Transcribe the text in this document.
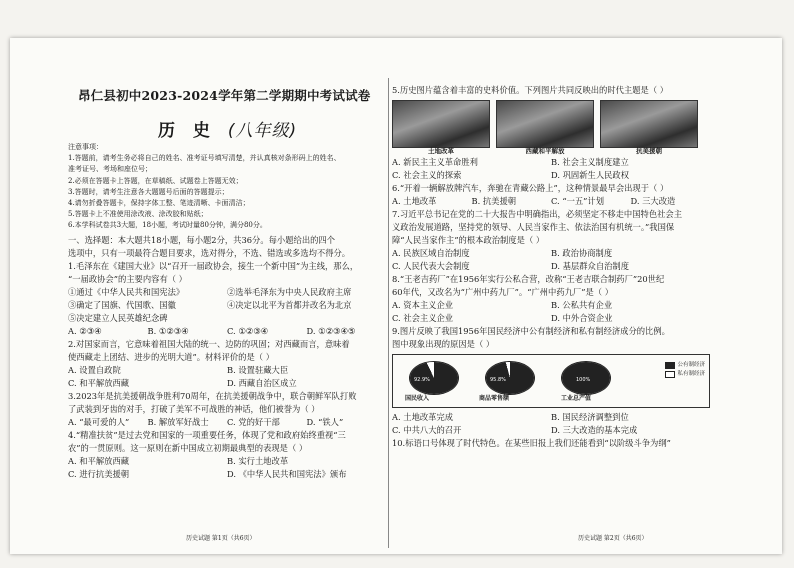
昂仁县初中2023-2024学年第二学期期中考试试卷
历 史 (八年级)
注意事项：
1.答题前，请考生务必将自己的姓名、准考证号填写清楚，并认真核对条形码上的姓名、
准考证号、考场和座位号；
2.必须在答题卡上答题，在草稿纸、试题卷上答题无效；
3.答题时，请考生注意各大题题号后面的答题提示；
4.请勿折叠答题卡，保持字体工整、笔迹清晰、卡面清洁；
5.答题卡上不准使用涂改液、涂改胶和贴纸；
6.本学科试卷共3大题，18小题，考试时量80分钟，满分80分。
一、选择题：本大题共18小题，每小题2分，共36分。每小题给出的四个
选项中，只有一项最符合题目要求，选对得分，不选、错选或多选均不得分。
1.毛泽东在《建国大业》以“召开一届政协会，接生一个新中国”为主线，那么，
“一届政协会”的主要内容有（ ）
①通过《中华人民共和国宪法》	②选举毛泽东为中央人民政府主席
③确定了国旗、代国歌、国徽	④决定以北平为首都并改名为北京
⑤决定建立人民英雄纪念碑
A. ②③④	B. ①②③④	C. ①②③④	D. ①②③④⑤
2.对国家而言，它意味着祖国大陆的统一、边防的巩固；对西藏而言，意味着
使西藏走上团结、进步的光明大道”。材料评价的是（ ）
A. 设置自政院	B. 设置驻藏大臣
C. 和平解放西藏	D. 西藏自治区成立
3.2023年是抗美援朝战争胜利70周年，在抗美援朝战争中，联合朝鲜军队打败
了武装到牙齿的对手，打破了美军不可战胜的神话，他们被誉为（ ）
A. “最可爱的人”	B. 解放军好战士	C. 党的好干部	D. “铁人”
4.“精准扶贫”是过去党和国家的一项重要任务，体现了党和政府始终重视“三
农”的一贯原则。这一原则在新中国成立初期最典型的表现是（ ）
A. 和平解放西藏	B. 实行土地改革
C. 进行抗美援朝	D. 《中华人民共和国宪法》颁布
历史试题 第1页（共6页）
5.历史图片蕴含着丰富的史料价值。下列图片共同反映出的时代主题是（ ）
土地改革	西藏和平解放	抗美援朝
A. 新民主主义革命胜利	B. 社会主义制度建立
C. 社会主义的探索	D. 巩固新生人民政权
6.“开着一辆解放牌汽车，奔驰在青藏公路上”，这种情景最早会出现于（ ）
A. 土地改革	B. 抗美援朝	C. “一五”计划	D. 三大改造
7.习近平总书记在党的二十大报告中明确指出，必须坚定不移走中国特色社会主
义政治发展道路，坚持党的领导、人民当家作主、依法治国有机统一。”我国保
障“人民当家作主”的根本政治制度是（ ）
A. 民族区域自治制度	B. 政治协商制度
C. 人民代表大会制度	D. 基层群众自治制度
8.“王老吉药厂”在1956年实行公私合营，改称“王老吉联合制药厂”20世纪
60年代，又改名为“广州中药九厂”。“广州中药九厂”是（ ）
A. 资本主义企业	B. 公私共有企业
C. 社会主义企业	D. 中外合资企业
9.图片反映了我国1956年国民经济中公有制经济和私有制经济成分的比例。
图中现象出现的原因是（ ）
92.9%	95.8%	100%
国民收入	商品零售额	工业总产值
公有制经济
私有制经济
A. 土地改革完成	B. 国民经济调整到位
C. 中共八大的召开	D. 三大改造的基本完成
10.标语口号体现了时代特色。在某些旧报上我们还能看到“以阶级斗争为纲”
历史试题 第2页（共6页）
